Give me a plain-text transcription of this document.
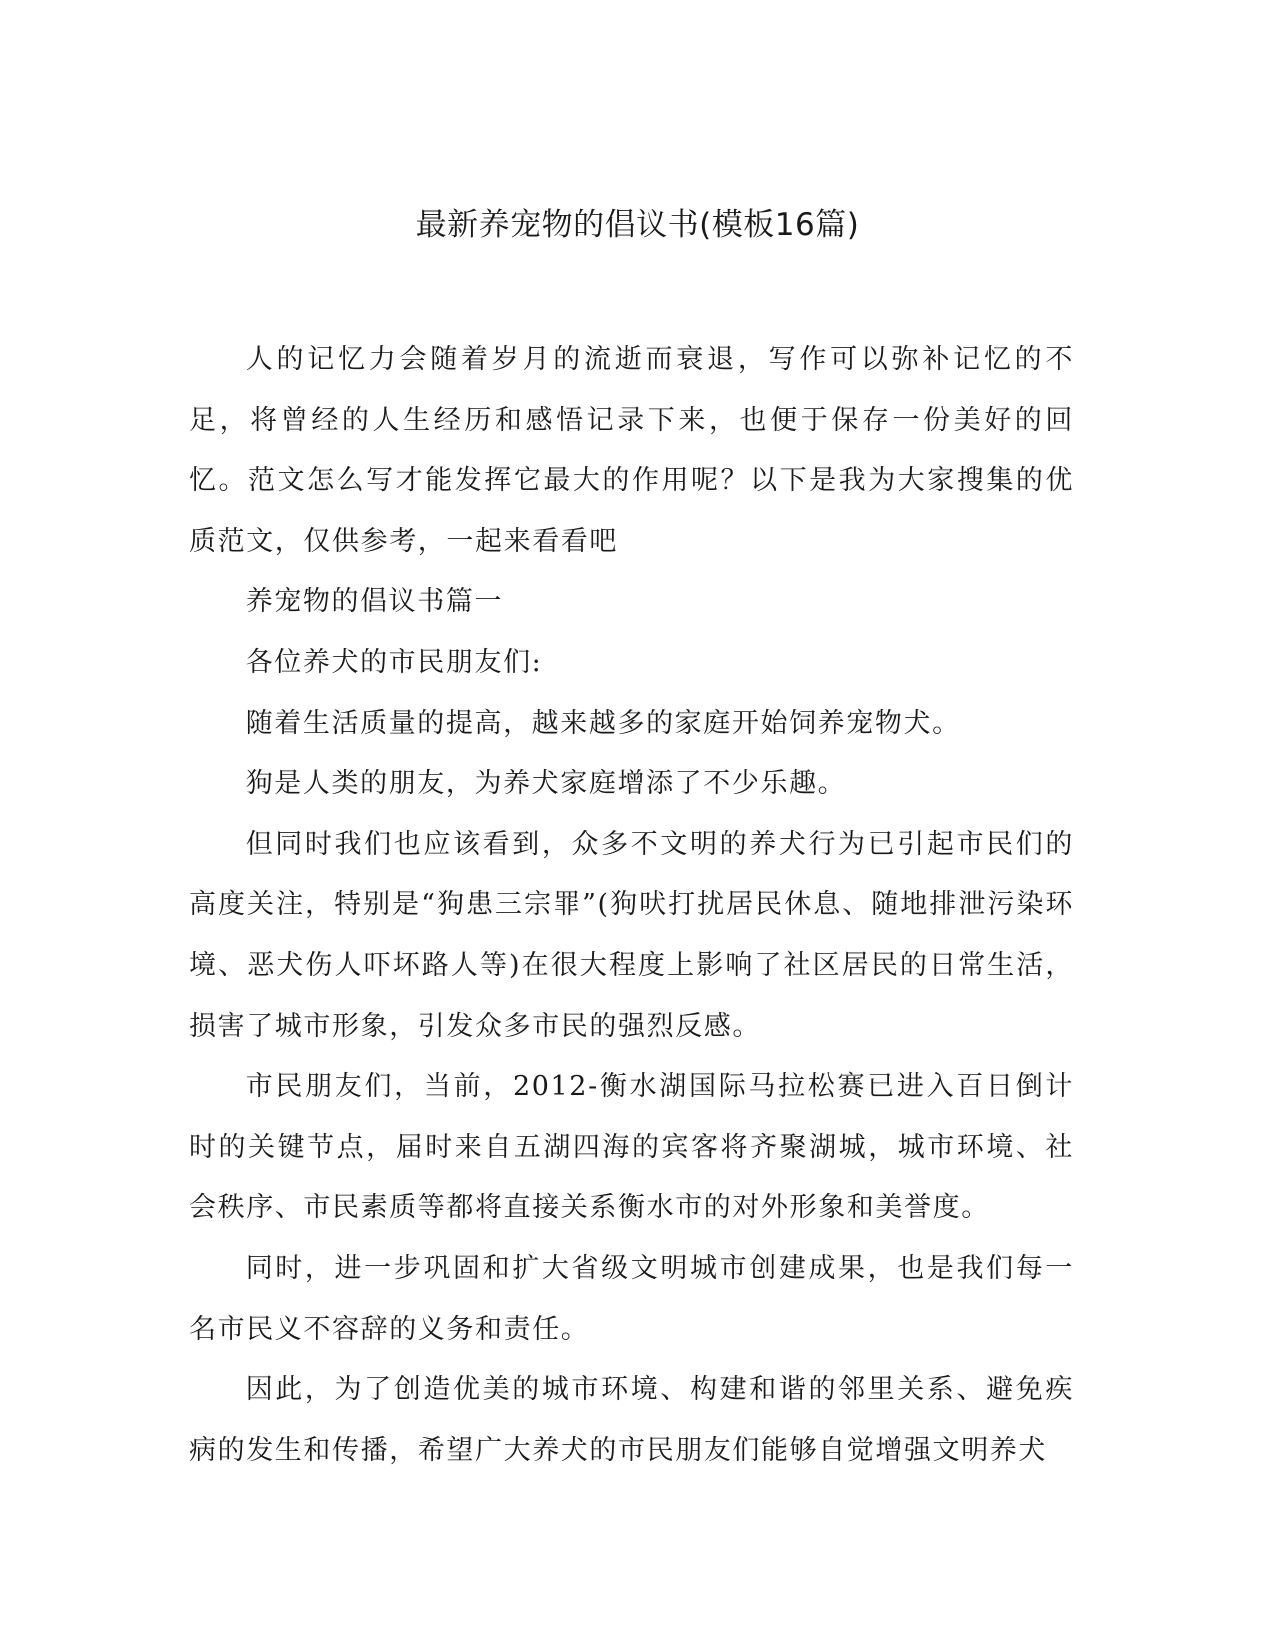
最新养宠物的倡议书(模板16篇)

人的记忆力会随着岁月的流逝而衰退，写作可以弥补记忆的不足，将曾经的人生经历和感悟记录下来，也便于保存一份美好的回忆。范文怎么写才能发挥它最大的作用呢？以下是我为大家搜集的优质范文，仅供参考，一起来看看吧

养宠物的倡议书篇一

各位养犬的市民朋友们:

随着生活质量的提高，越来越多的家庭开始饲养宠物犬。

狗是人类的朋友，为养犬家庭增添了不少乐趣。

但同时我们也应该看到，众多不文明的养犬行为已引起市民们的高度关注，特别是“狗患三宗罪”(狗吠打扰居民休息、随地排泄污染环境、恶犬伤人吓坏路人等)在很大程度上影响了社区居民的日常生活，损害了城市形象，引发众多市民的强烈反感。

市民朋友们，当前，2012-衡水湖国际马拉松赛已进入百日倒计时的关键节点，届时来自五湖四海的宾客将齐聚湖城，城市环境、社会秩序、市民素质等都将直接关系衡水市的对外形象和美誉度。

同时，进一步巩固和扩大省级文明城市创建成果，也是我们每一名市民义不容辞的义务和责任。

因此，为了创造优美的城市环境、构建和谐的邻里关系、避免疾病的发生和传播，希望广大养犬的市民朋友们能够自觉增强文明养犬
